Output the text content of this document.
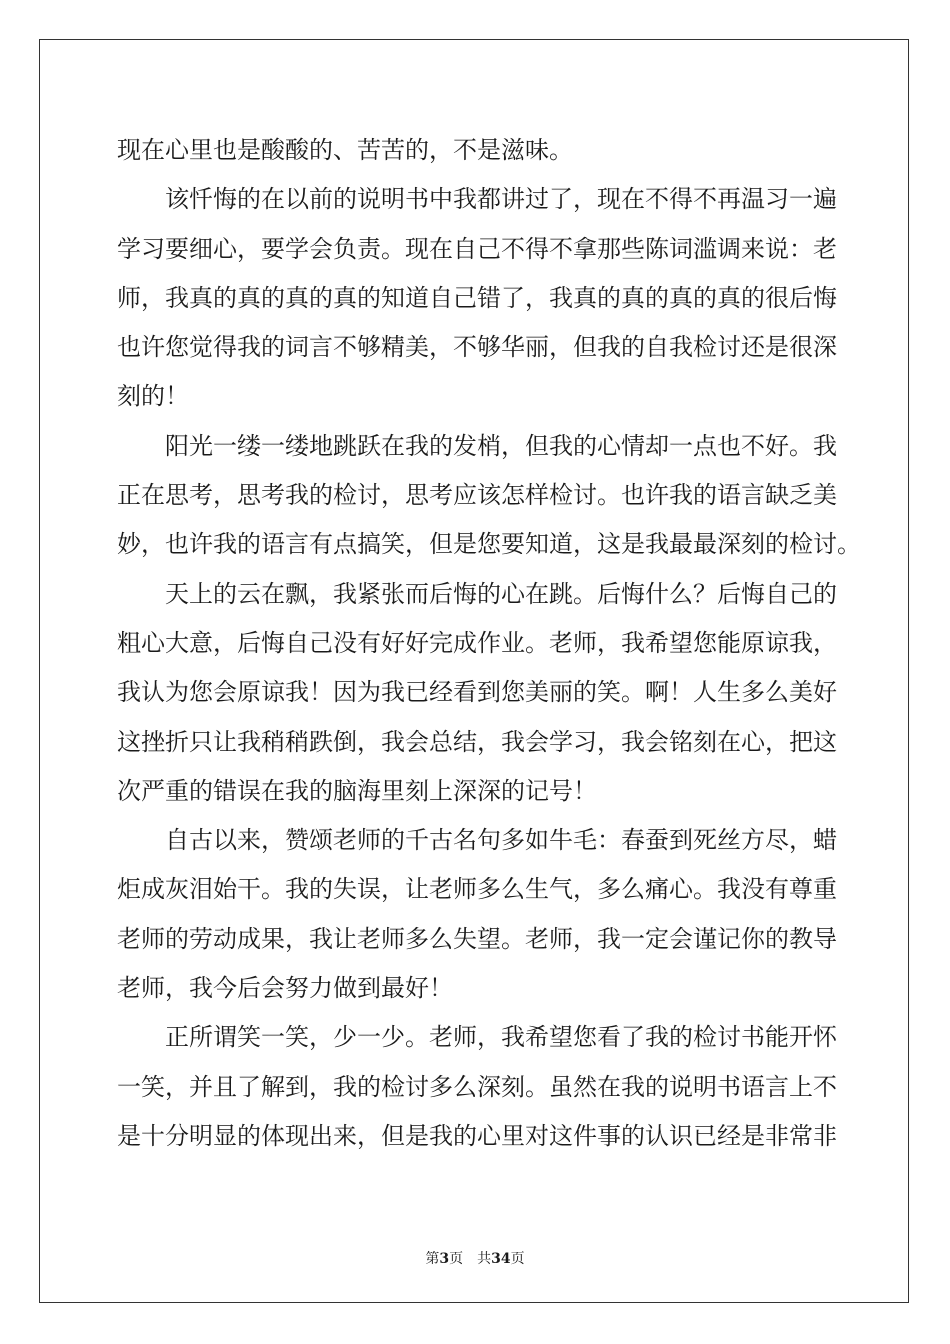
现在心里也是酸酸的、苦苦的，不是滋味。
该忏悔的在以前的说明书中我都讲过了，现在不得不再温习一遍
学习要细心，要学会负责。现在自己不得不拿那些陈词滥调来说：老
师，我真的真的真的真的知道自己错了，我真的真的真的真的很后悔
也许您觉得我的词言不够精美，不够华丽，但我的自我检讨还是很深
刻的！
阳光一缕一缕地跳跃在我的发梢，但我的心情却一点也不好。我
正在思考，思考我的检讨，思考应该怎样检讨。也许我的语言缺乏美
妙，也许我的语言有点搞笑，但是您要知道，这是我最最深刻的检讨。
天上的云在飘，我紧张而后悔的心在跳。后悔什么？后悔自己的
粗心大意，后悔自己没有好好完成作业。老师，我希望您能原谅我，
我认为您会原谅我！因为我已经看到您美丽的笑。啊！人生多么美好
这挫折只让我稍稍跌倒，我会总结，我会学习，我会铭刻在心，把这
次严重的错误在我的脑海里刻上深深的记号！
自古以来，赞颂老师的千古名句多如牛毛：春蚕到死丝方尽，蜡
炬成灰泪始干。我的失误，让老师多么生气，多么痛心。我没有尊重
老师的劳动成果，我让老师多么失望。老师，我一定会谨记你的教导
老师，我今后会努力做到最好！
正所谓笑一笑，少一少。老师，我希望您看了我的检讨书能开怀
一笑，并且了解到，我的检讨多么深刻。虽然在我的说明书语言上不
是十分明显的体现出来，但是我的心里对这件事的认识已经是非常非
第3页 共34页
